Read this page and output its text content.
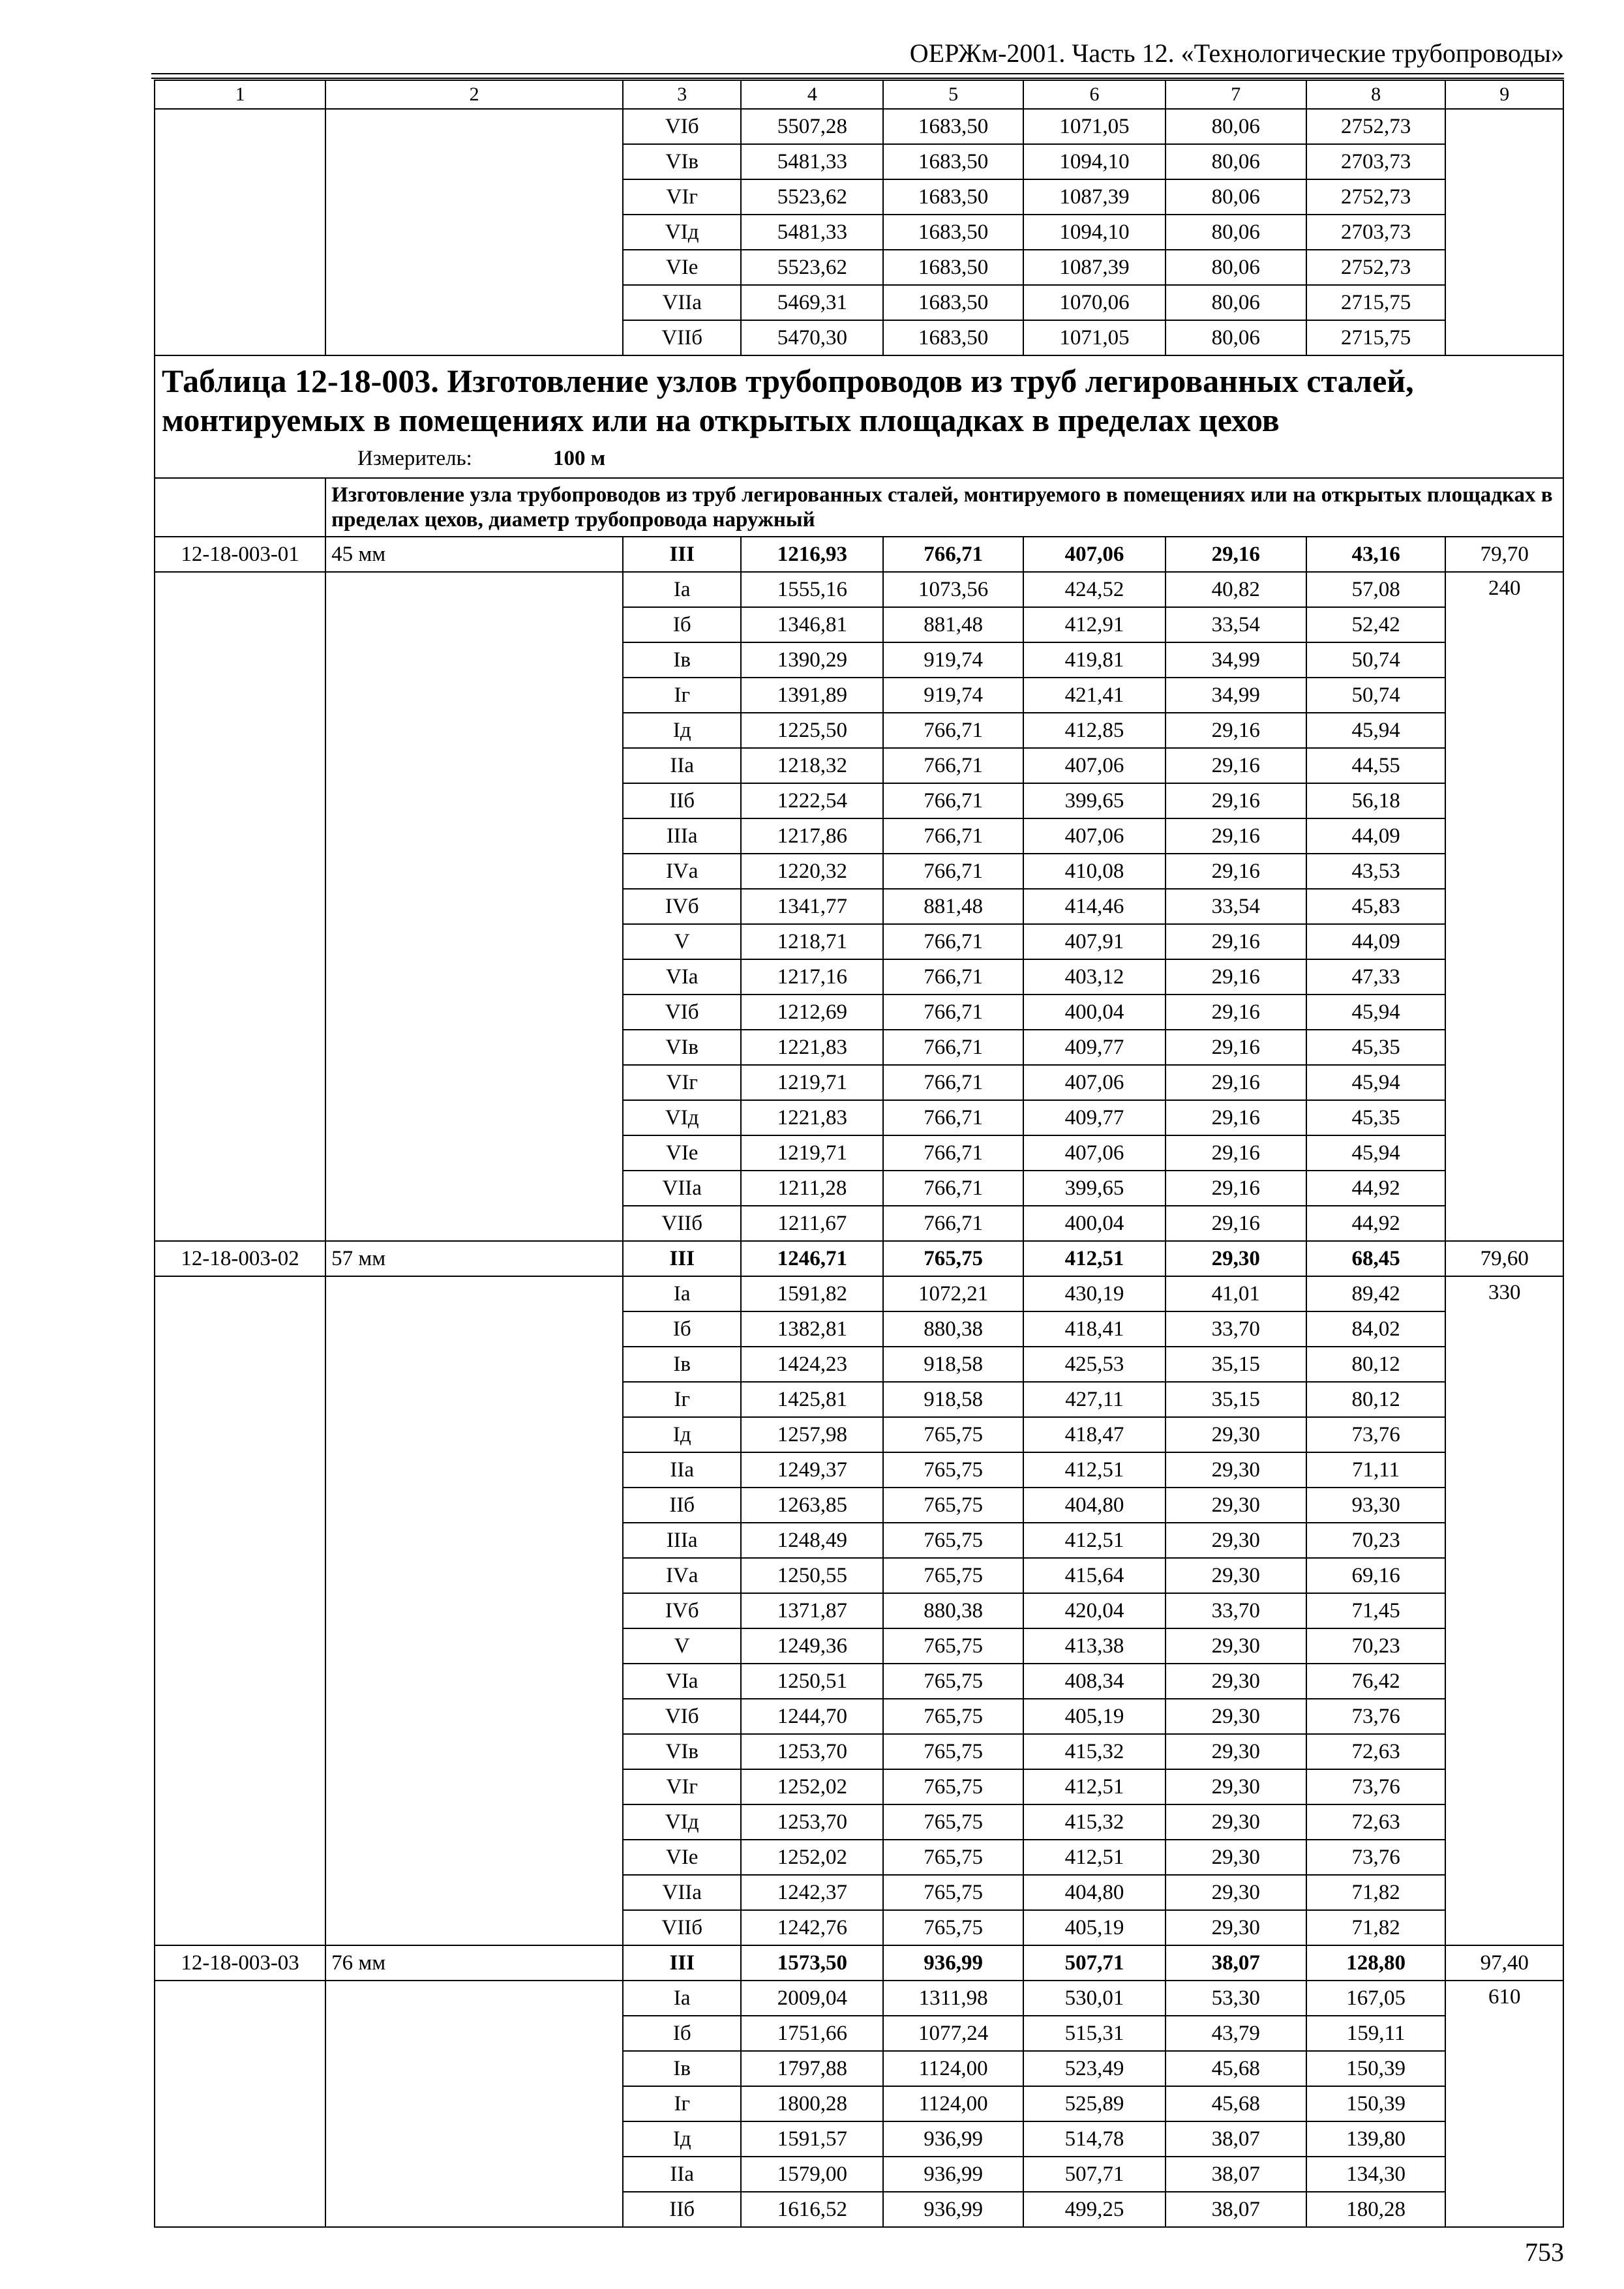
ОЕРЖм-2001. Часть 12. «Технологические трубопроводы»
1	2	3	4	5	6	7	8	9
		VIб	5507,28	1683,50	1071,05	80,06	2752,73	
		VIв	5481,33	1683,50	1094,10	80,06	2703,73	
		VIг	5523,62	1683,50	1087,39	80,06	2752,73	
		VIд	5481,33	1683,50	1094,10	80,06	2703,73	
		VIе	5523,62	1683,50	1087,39	80,06	2752,73	
		VIIа	5469,31	1683,50	1070,06	80,06	2715,75	
		VIIб	5470,30	1683,50	1071,05	80,06	2715,75	

Таблица 12-18-003. Изготовление узлов трубопроводов из труб легированных сталей, монтируемых в помещениях или на открытых площадках в пределах цехов
Измеритель: 100 м								

	Изготовление узла трубопроводов из труб легированных сталей, монтируемого в помещениях или на открытых площадках в пределах цехов, диаметр трубопровода наружный							
12-18-003-01	45 мм	III	1216,93	766,71	407,06	29,16	43,16	79,70
		Iа	1555,16	1073,56	424,52	40,82	57,08	240

		Iб	1346,81	881,48	412,91	33,54	52,42	
		Iв	1390,29	919,74	419,81	34,99	50,74	
		Iг	1391,89	919,74	421,41	34,99	50,74	
		Iд	1225,50	766,71	412,85	29,16	45,94	
		IIа	1218,32	766,71	407,06	29,16	44,55	
		IIб	1222,54	766,71	399,65	29,16	56,18	
		IIIа	1217,86	766,71	407,06	29,16	44,09	
		IVа	1220,32	766,71	410,08	29,16	43,53	
		IVб	1341,77	881,48	414,46	33,54	45,83	
		V	1218,71	766,71	407,91	29,16	44,09	
		VIа	1217,16	766,71	403,12	29,16	47,33	
		VIб	1212,69	766,71	400,04	29,16	45,94	
		VIв	1221,83	766,71	409,77	29,16	45,35	
		VIг	1219,71	766,71	407,06	29,16	45,94	
		VIд	1221,83	766,71	409,77	29,16	45,35	
		VIе	1219,71	766,71	407,06	29,16	45,94	
		VIIа	1211,28	766,71	399,65	29,16	44,92	
		VIIб	1211,67	766,71	400,04	29,16	44,92	
12-18-003-02	57 мм	III	1246,71	765,75	412,51	29,30	68,45	79,60
		Iа	1591,82	1072,21	430,19	41,01	89,42	330

		Iб	1382,81	880,38	418,41	33,70	84,02	
		Iв	1424,23	918,58	425,53	35,15	80,12	
		Iг	1425,81	918,58	427,11	35,15	80,12	
		Iд	1257,98	765,75	418,47	29,30	73,76	
		IIа	1249,37	765,75	412,51	29,30	71,11	
		IIб	1263,85	765,75	404,80	29,30	93,30	
		IIIа	1248,49	765,75	412,51	29,30	70,23	
		IVа	1250,55	765,75	415,64	29,30	69,16	
		IVб	1371,87	880,38	420,04	33,70	71,45	
		V	1249,36	765,75	413,38	29,30	70,23	
		VIа	1250,51	765,75	408,34	29,30	76,42	
		VIб	1244,70	765,75	405,19	29,30	73,76	
		VIв	1253,70	765,75	415,32	29,30	72,63	
		VIг	1252,02	765,75	412,51	29,30	73,76	
		VIд	1253,70	765,75	415,32	29,30	72,63	
		VIе	1252,02	765,75	412,51	29,30	73,76	
		VIIа	1242,37	765,75	404,80	29,30	71,82	
		VIIб	1242,76	765,75	405,19	29,30	71,82	
12-18-003-03	76 мм	III	1573,50	936,99	507,71	38,07	128,80	97,40
		Iа	2009,04	1311,98	530,01	53,30	167,05	610

		Iб	1751,66	1077,24	515,31	43,79	159,11	
		Iв	1797,88	1124,00	523,49	45,68	150,39	
		Iг	1800,28	1124,00	525,89	45,68	150,39	
		Iд	1591,57	936,99	514,78	38,07	139,80	
		IIа	1579,00	936,99	507,71	38,07	134,30	
		IIб	1616,52	936,99	499,25	38,07	180,28	
753
